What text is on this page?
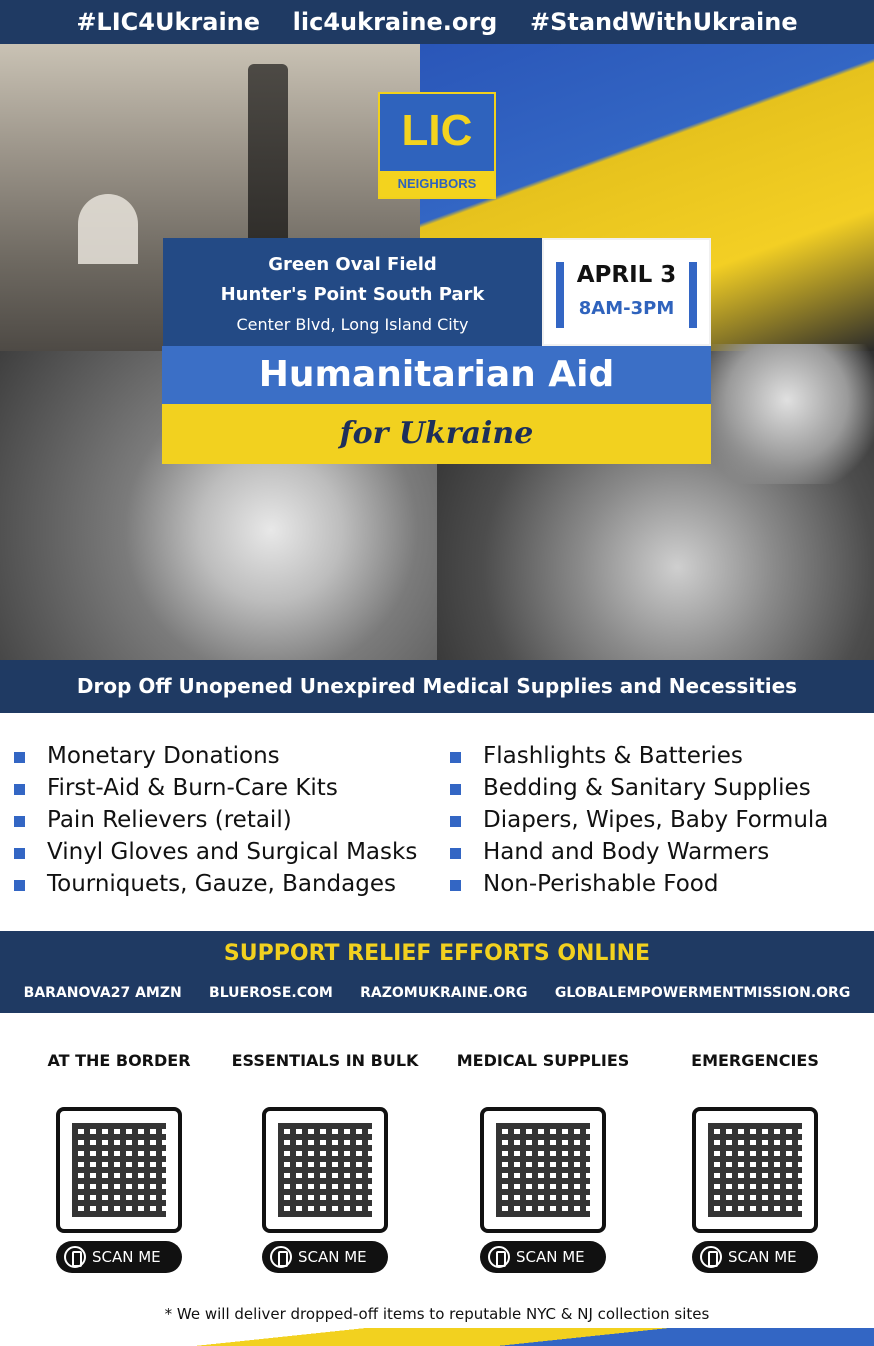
#LIC4Ukraine lic4ukraine.org #StandWithUkraine
LIC
NEIGHBORS
Green Oval Field
Hunter's Point South Park
Center Blvd, Long Island City
APRIL 3
8AM-3PM
Humanitarian Aid
for Ukraine
Drop Off Unopened Unexpired Medical Supplies and Necessities
Monetary Donations
First-Aid & Burn-Care Kits
Pain Relievers (retail)
Vinyl Gloves and Surgical Masks
Tourniquets, Gauze, Bandages
Flashlights & Batteries
Bedding & Sanitary Supplies
Diapers, Wipes, Baby Formula
Hand and Body Warmers
Non-Perishable Food
SUPPORT RELIEF EFFORTS ONLINE
BARANOVA27 AMZN BLUEROSE.COM RAZOMUKRAINE.ORG GLOBALEMPOWERMENTMISSION.ORG
AT THE BORDER
SCAN ME
ESSENTIALS IN BULK
SCAN ME
MEDICAL SUPPLIES
SCAN ME
EMERGENCIES
SCAN ME
* We will deliver dropped-off items to reputable NYC & NJ collection sites
